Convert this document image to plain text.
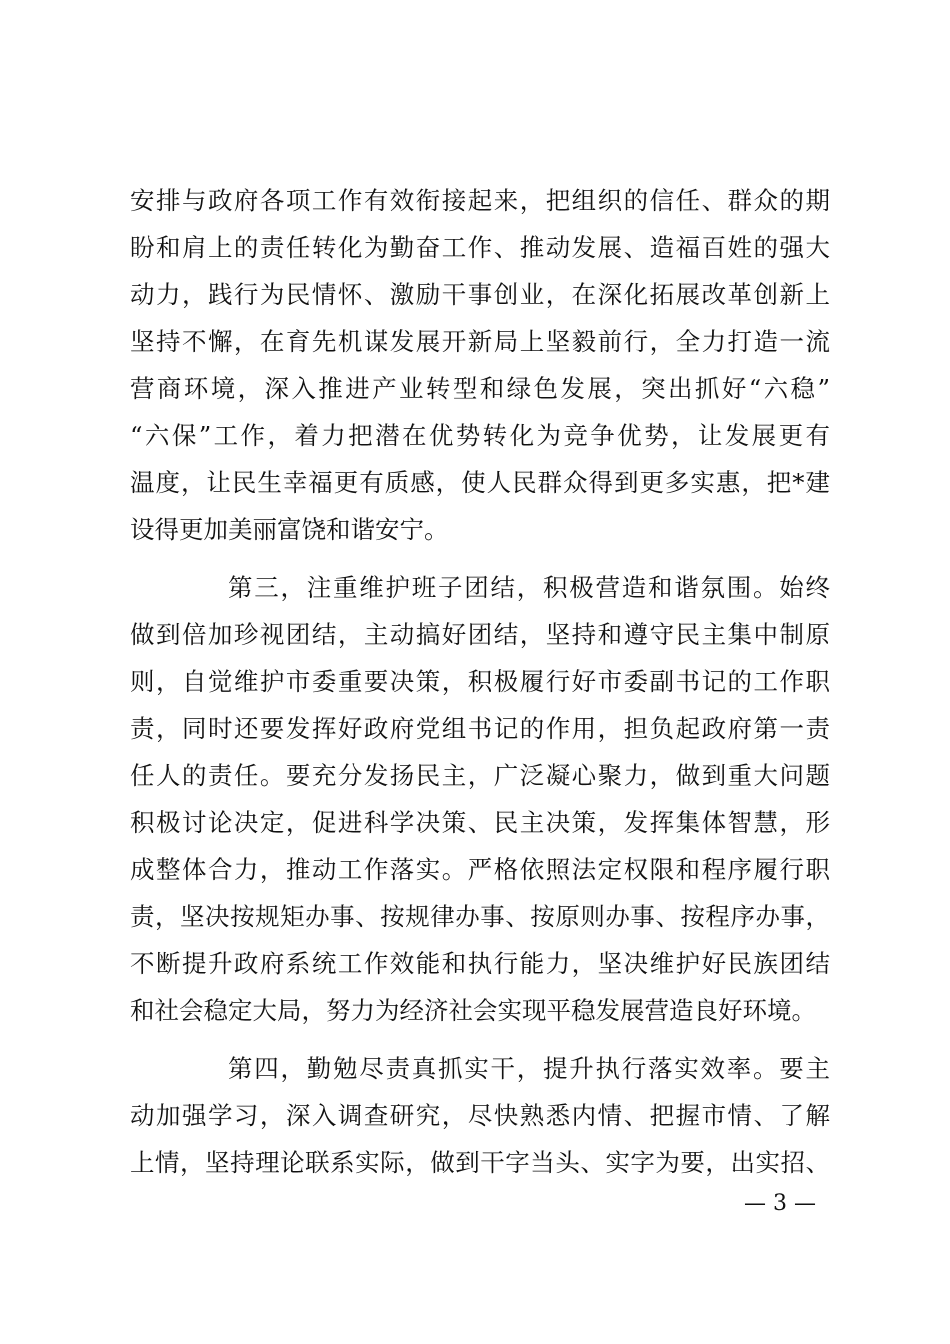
安排与政府各项工作有效衔接起来，把组织的信任、群众的期
盼和肩上的责任转化为勤奋工作、推动发展、造福百姓的强大
动力，践行为民情怀、激励干事创业，在深化拓展改革创新上
坚持不懈，在育先机谋发展开新局上坚毅前行，全力打造一流
营商环境，深入推进产业转型和绿色发展，突出抓好“六稳”
“六保”工作，着力把潜在优势转化为竞争优势，让发展更有
温度，让民生幸福更有质感，使人民群众得到更多实惠，把*建
设得更加美丽富饶和谐安宁。
第三，注重维护班子团结，积极营造和谐氛围。始终
做到倍加珍视团结，主动搞好团结，坚持和遵守民主集中制原
则，自觉维护市委重要决策，积极履行好市委副书记的工作职
责，同时还要发挥好政府党组书记的作用，担负起政府第一责
任人的责任。要充分发扬民主，广泛凝心聚力，做到重大问题
积极讨论决定，促进科学决策、民主决策，发挥集体智慧，形
成整体合力，推动工作落实。严格依照法定权限和程序履行职
责，坚决按规矩办事、按规律办事、按原则办事、按程序办事，
不断提升政府系统工作效能和执行能力，坚决维护好民族团结
和社会稳定大局，努力为经济社会实现平稳发展营造良好环境。
第四，勤勉尽责真抓实干，提升执行落实效率。要主
动加强学习，深入调查研究，尽快熟悉内情、把握市情、了解
上情，坚持理论联系实际，做到干字当头、实字为要，出实招、
— 3 —
